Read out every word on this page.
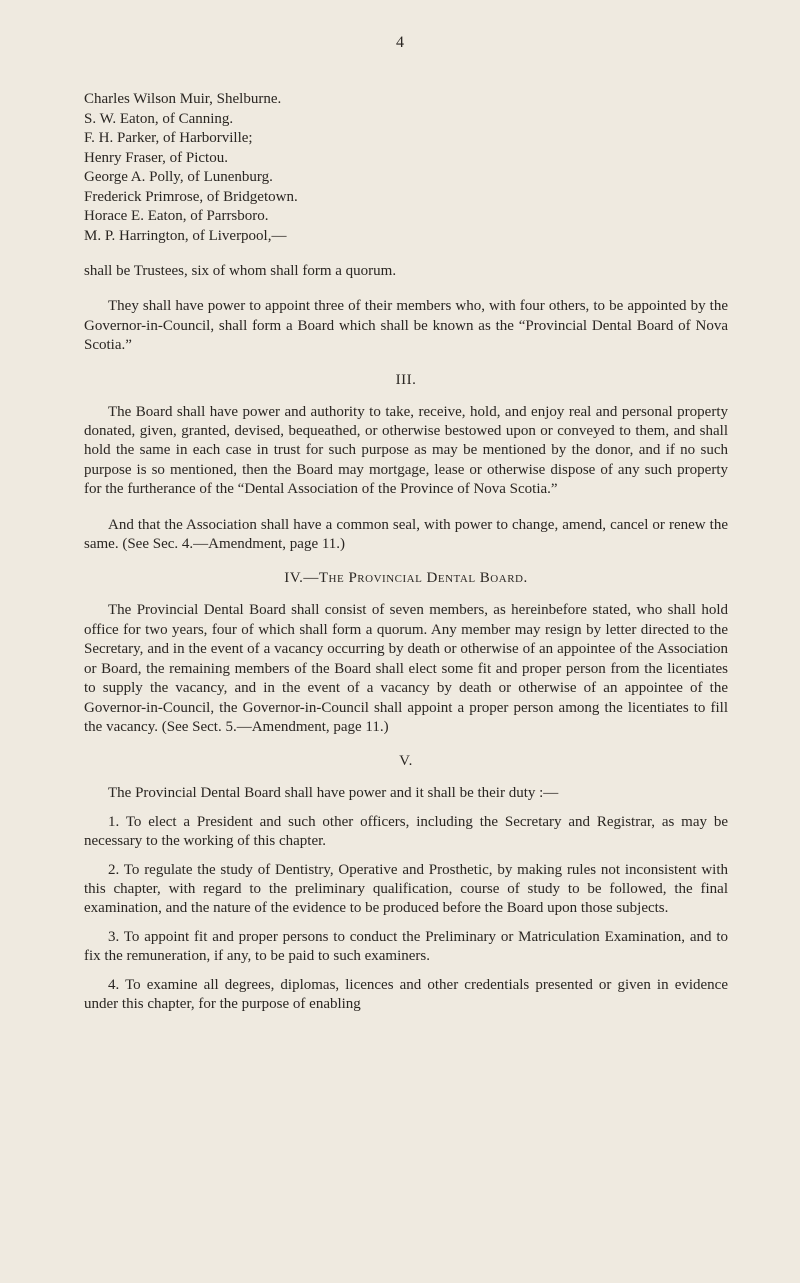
4
Charles Wilson Muir, Shelburne.
S. W. Eaton, of Canning.
F. H. Parker, of Harborville;
Henry Fraser, of Pictou.
George A. Polly, of Lunenburg.
Frederick Primrose, of Bridgetown.
Horace E. Eaton, of Parrsboro.
M. P. Harrington, of Liverpool,—

shall be Trustees, six of whom shall form a quorum.

They shall have power to appoint three of their members who, with four others, to be appointed by the Governor-in-Council, shall form a Board which shall be known as the “Provincial Dental Board of Nova Scotia.”

III.

The Board shall have power and authority to take, receive, hold, and enjoy real and personal property donated, given, granted, devised, bequeathed, or otherwise bestowed upon or conveyed to them, and shall hold the same in each case in trust for such purpose as may be mentioned by the donor, and if no such purpose is so mentioned, then the Board may mortgage, lease or otherwise dispose of any such property for the furtherance of the “Dental Association of the Province of Nova Scotia.”

And that the Association shall have a common seal, with power to change, amend, cancel or renew the same. (See Sec. 4.—Amendment, page 11.)

IV.—The Provincial Dental Board.

The Provincial Dental Board shall consist of seven members, as hereinbefore stated, who shall hold office for two years, four of which shall form a quorum. Any member may resign by letter directed to the Secretary, and in the event of a vacancy occurring by death or otherwise of an appointee of the Association or Board, the remaining members of the Board shall elect some fit and proper person from the licentiates to supply the vacancy, and in the event of a vacancy by death or otherwise of an appointee of the Governor-in-Council, the Governor-in-Council shall appoint a proper person among the licentiates to fill the vacancy. (See Sect. 5.—Amendment, page 11.)

V.

The Provincial Dental Board shall have power and it shall be their duty :—

1. To elect a President and such other officers, including the Secretary and Registrar, as may be necessary to the working of this chapter.

2. To regulate the study of Dentistry, Operative and Prosthetic, by making rules not inconsistent with this chapter, with regard to the preliminary qualification, course of study to be followed, the final examination, and the nature of the evidence to be produced before the Board upon those subjects.

3. To appoint fit and proper persons to conduct the Preliminary or Matriculation Examination, and to fix the remuneration, if any, to be paid to such examiners.

4. To examine all degrees, diplomas, licences and other credentials presented or given in evidence under this chapter, for the purpose of enabling
